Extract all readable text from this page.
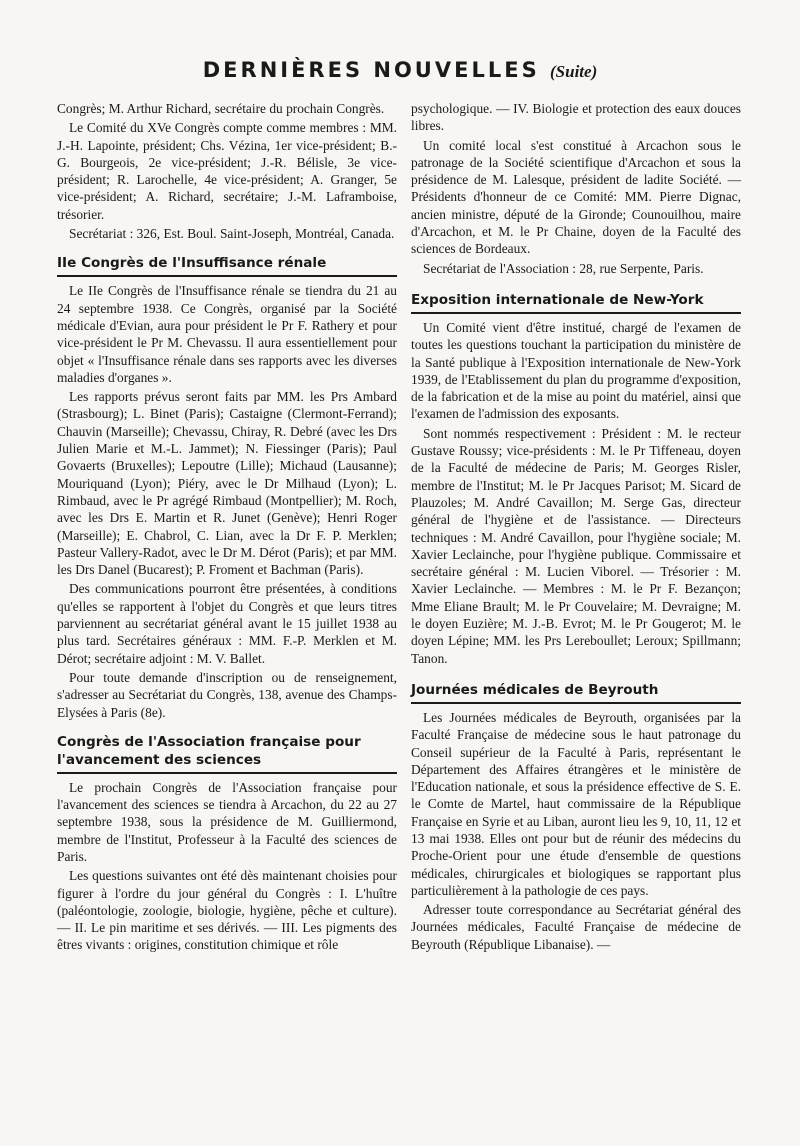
DERNIÈRES NOUVELLES (Suite)

Congrès; M. Arthur Richard, secrétaire du prochain Congrès.

Le Comité du XVe Congrès compte comme membres : MM. J.-H. Lapointe, président; Chs. Vézina, 1er vice-président; B.-G. Bourgeois, 2e vice-président; J.-R. Bélisle, 3e vice-président; R. Larochelle, 4e vice-président; A. Granger, 5e vice-président; A. Richard, secrétaire; J.-M. Laframboise, trésorier.

Secrétariat : 326, Est. Boul. Saint-Joseph, Montréal, Canada.

IIe Congrès de l'Insuffisance rénale

Le IIe Congrès de l'Insuffisance rénale se tiendra du 21 au 24 septembre 1938. Ce Congrès, organisé par la Société médicale d'Evian, aura pour président le Pr F. Rathery et pour vice-président le Pr M. Chevassu. Il aura essentiellement pour objet « l'Insuffisance rénale dans ses rapports avec les diverses maladies d'organes ».

Les rapports prévus seront faits par MM. les Prs Ambard (Strasbourg); L. Binet (Paris); Castaigne (Clermont-Ferrand); Chauvin (Marseille); Chevassu, Chiray, R. Debré (avec les Drs Julien Marie et M.-L. Jammet); N. Fiessinger (Paris); Paul Govaerts (Bruxelles); Lepoutre (Lille); Michaud (Lausanne); Mouriquand (Lyon); Piéry, avec le Dr Milhaud (Lyon); L. Rimbaud, avec le Pr agrégé Rimbaud (Montpellier); M. Roch, avec les Drs E. Martin et R. Junet (Genève); Henri Roger (Marseille); E. Chabrol, C. Lian, avec la Dr F. P. Merklen; Pasteur Vallery-Radot, avec le Dr M. Dérot (Paris); et par MM. les Drs Danel (Bucarest); P. Froment et Bachman (Paris).

Des communications pourront être présentées, à conditions qu'elles se rapportent à l'objet du Congrès et que leurs titres parviennent au secrétariat général avant le 15 juillet 1938 au plus tard. Secrétaires généraux : MM. F.-P. Merklen et M. Dérot; secrétaire adjoint : M. V. Ballet.

Pour toute demande d'inscription ou de renseignement, s'adresser au Secrétariat du Congrès, 138, avenue des Champs-Elysées à Paris (8e).

Congrès de l'Association française pour l'avancement des sciences

Le prochain Congrès de l'Association française pour l'avancement des sciences se tiendra à Arcachon, du 22 au 27 septembre 1938, sous la présidence de M. Guilliermond, membre de l'Institut, Professeur à la Faculté des sciences de Paris.

Les questions suivantes ont été dès maintenant choisies pour figurer à l'ordre du jour général du Congrès : I. L'huître (paléontologie, zoologie, biologie, hygiène, pêche et culture). — II. Le pin maritime et ses dérivés. — III. Les pigments des êtres vivants : origines, constitution chimique et rôle

psychologique. — IV. Biologie et protection des eaux douces libres.

Un comité local s'est constitué à Arcachon sous le patronage de la Société scientifique d'Arcachon et sous la présidence de M. Lalesque, président de ladite Société. — Présidents d'honneur de ce Comité: MM. Pierre Dignac, ancien ministre, député de la Gironde; Counouilhou, maire d'Arcachon, et M. le Pr Chaine, doyen de la Faculté des sciences de Bordeaux.

Secrétariat de l'Association : 28, rue Serpente, Paris.

Exposition internationale de New-York

Un Comité vient d'être institué, chargé de l'examen de toutes les questions touchant la participation du ministère de la Santé publique à l'Exposition internationale de New-York 1939, de l'Etablissement du plan du programme d'exposition, de la fabrication et de la mise au point du matériel, ainsi que l'examen de l'admission des exposants.

Sont nommés respectivement : Président : M. le recteur Gustave Roussy; vice-présidents : M. le Pr Tiffeneau, doyen de la Faculté de médecine de Paris; M. Georges Risler, membre de l'Institut; M. le Pr Jacques Parisot; M. Sicard de Plauzoles; M. André Cavaillon; M. Serge Gas, directeur général de l'hygiène et de l'assistance. — Directeurs techniques : M. André Cavaillon, pour l'hygiène sociale; M. Xavier Leclainche, pour l'hygiène publique. Commissaire et secrétaire général : M. Lucien Viborel. — Trésorier : M. Xavier Leclainche. — Membres : M. le Pr F. Bezançon; Mme Eliane Brault; M. le Pr Couvelaire; M. Devraigne; M. le doyen Euzière; M. J.-B. Evrot; M. le Pr Gougerot; M. le doyen Lépine; MM. les Prs Lereboullet; Leroux; Spillmann; Tanon.

Journées médicales de Beyrouth

Les Journées médicales de Beyrouth, organisées par la Faculté Française de médecine sous le haut patronage du Conseil supérieur de la Faculté à Paris, représentant le Département des Affaires étrangères et le ministère de l'Education nationale, et sous la présidence effective de S. E. le Comte de Martel, haut commissaire de la République Française en Syrie et au Liban, auront lieu les 9, 10, 11, 12 et 13 mai 1938. Elles ont pour but de réunir des médecins du Proche-Orient pour une étude d'ensemble de questions médicales, chirurgicales et biologiques se rapportant plus particulièrement à la pathologie de ces pays.

Adresser toute correspondance au Secrétariat général des Journées médicales, Faculté Française de médecine de Beyrouth (République Libanaise). —
